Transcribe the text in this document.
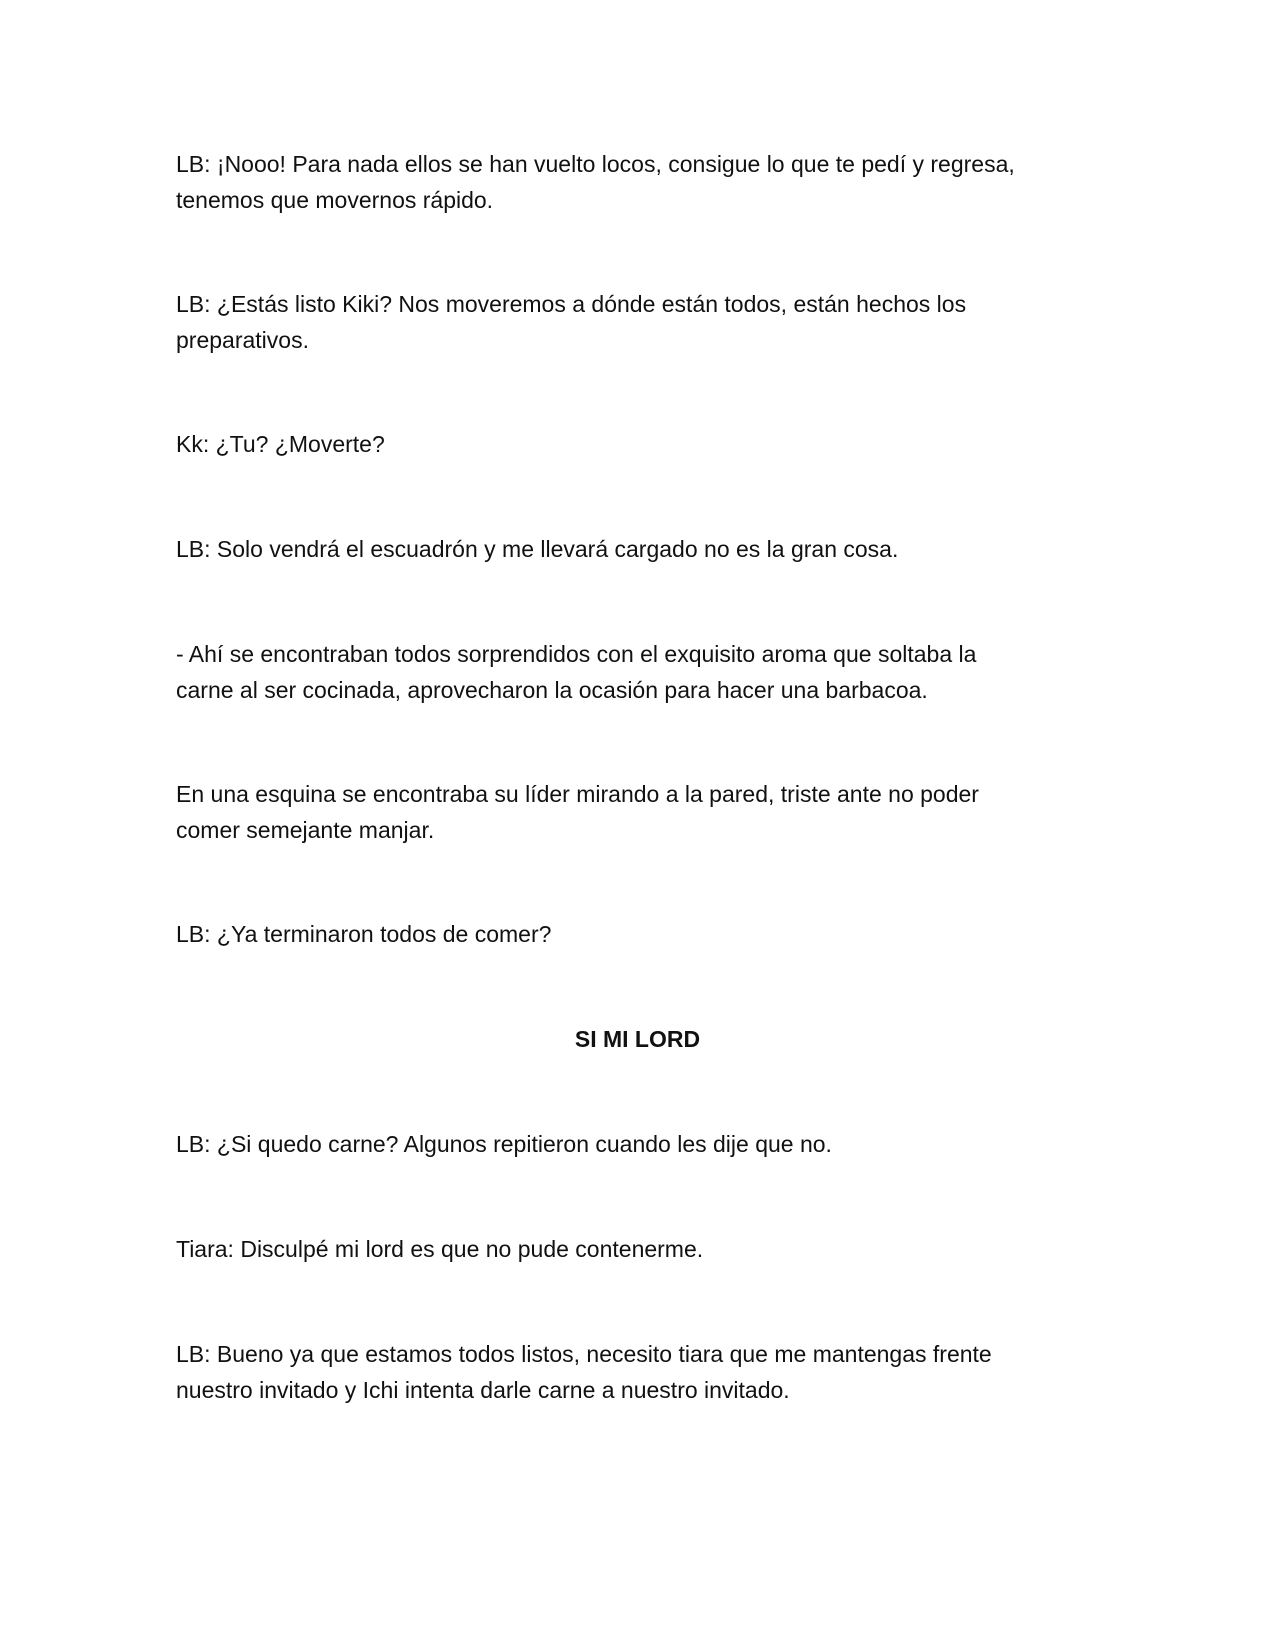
LB: ¡Nooo! Para nada ellos se han vuelto locos, consigue lo que te pedí y regresa,
tenemos que movernos rápido.

LB: ¿Estás listo Kiki? Nos moveremos a dónde están todos, están hechos los
preparativos.

Kk: ¿Tu? ¿Moverte?

LB: Solo vendrá el escuadrón y me llevará cargado no es la gran cosa.

- Ahí se encontraban todos sorprendidos con el exquisito aroma que soltaba la
carne al ser cocinada, aprovecharon la ocasión para hacer una barbacoa.

En una esquina se encontraba su líder mirando a la pared, triste ante no poder
comer semejante manjar.

LB: ¿Ya terminaron todos de comer?

SI MI LORD

LB: ¿Si quedo carne? Algunos repitieron cuando les dije que no.

Tiara: Disculpé mi lord es que no pude contenerme.

LB: Bueno ya que estamos todos listos, necesito tiara que me mantengas frente
nuestro invitado y Ichi intenta darle carne a nuestro invitado.
